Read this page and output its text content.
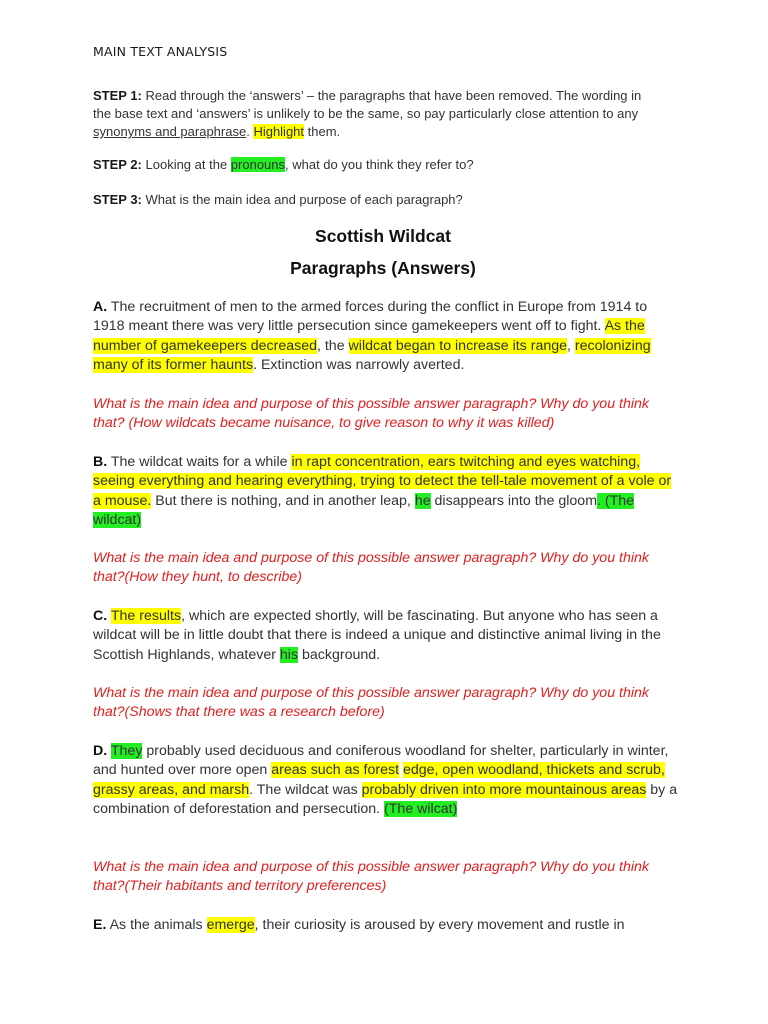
MAIN TEXT ANALYSIS
STEP 1: Read through the ‘answers’ – the paragraphs that have been removed. The wording in the base text and ‘answers’ is unlikely to be the same, so pay particularly close attention to any synonyms and paraphrase. Highlight them.
STEP 2: Looking at the pronouns, what do you think they refer to?
STEP 3: What is the main idea and purpose of each paragraph?
Scottish Wildcat
Paragraphs (Answers)
A. The recruitment of men to the armed forces during the conflict in Europe from 1914 to 1918 meant there was very little persecution since gamekeepers went off to fight. As the number of gamekeepers decreased, the wildcat began to increase its range, recolonizing many of its former haunts. Extinction was narrowly averted.
What is the main idea and purpose of this possible answer paragraph? Why do you think that? (How wildcats became nuisance, to give reason to why it was killed)
B. The wildcat waits for a while in rapt concentration, ears twitching and eyes watching, seeing everything and hearing everything, trying to detect the tell-tale movement of a vole or a mouse. But there is nothing, and in another leap, he disappears into the gloom. (The wildcat)
What is the main idea and purpose of this possible answer paragraph? Why do you think that?(How they hunt, to describe)
C. The results, which are expected shortly, will be fascinating. But anyone who has seen a wildcat will be in little doubt that there is indeed a unique and distinctive animal living in the Scottish Highlands, whatever his background.
What is the main idea and purpose of this possible answer paragraph? Why do you think that?(Shows that there was a research before)
D. They probably used deciduous and coniferous woodland for shelter, particularly in winter, and hunted over more open areas such as forest edge, open woodland, thickets and scrub, grassy areas, and marsh. The wildcat was probably driven into more mountainous areas by a combination of deforestation and persecution. (The wilcat)
What is the main idea and purpose of this possible answer paragraph? Why do you think that?(Their habitants and territory preferences)
E. As the animals emerge, their curiosity is aroused by every movement and rustle in
